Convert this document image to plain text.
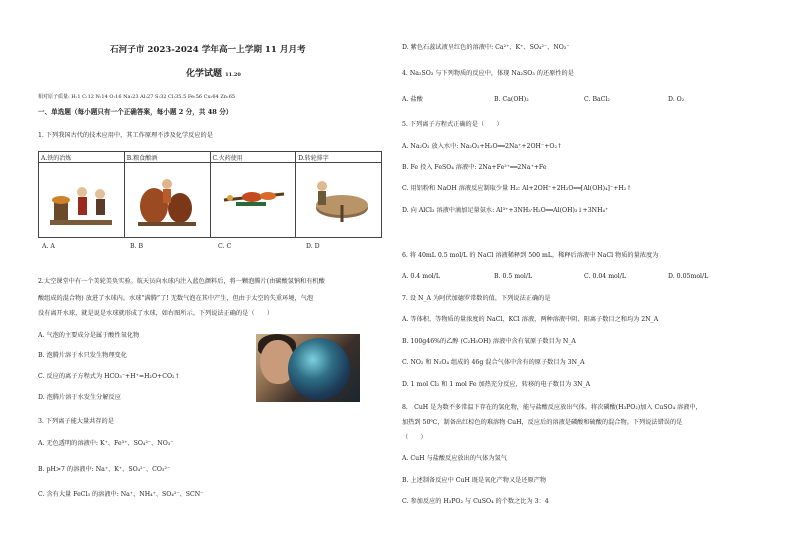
石河子市 2023-2024 学年高一上学期 11 月月考
化学试题 11.20
相对原子质量: H:1 C:12 N:14 O:16 Na:23 Al:27 S:32 Cl:35.5 Fe:56 Cu:64 Zn:65
一、单选题（每小题只有一个正确答案，每小题 2 分，共 48 分）
1. 下列我国古代的技术应用中，其工作原理不涉及化学反应的是
A.铁的冶炼	B.粮食酿酒	C.火药使用	D.转轮排字

A. A	B. B	C. C	D. D
2.太空课堂中有一个美轮美奂实验。航天员向水球内注入蓝色颜料后，将一颗泡腾片(由碳酸氢钠和有机酸
酸组成的混合物) 放进了水球内。水球“满腾”了! 无数气泡在其中产生，但由于太空的失重环境，气泡
没有离开水球，就是说是水球就形成了水球，如右图所示。下列说法正确的是（　　）
A. 气泡的主要成分是属于酸性氧化物
B. 泡腾片溶于水只发生物理变化
C. 反应的离子方程式为 HCO₃⁻+H⁺=H₂O+CO₂↑
D. 泡腾片溶于水发生分解反应
3. 下列离子能大量共存的是
A. 无色透明的溶液中: K⁺、Fe³⁺、SO₄²⁻、NO₃⁻
B. pH>7 的溶液中: Na⁺、K⁺、SO₄²⁻、CO₃²⁻
C. 含有大量 FeCl₃ 的溶液中: Na⁺、NH₄⁺、SO₄²⁻、SCN⁻
D. 紫色石蕊试液呈红色的溶液中: Ca²⁺、K⁺、SO₄²⁻、NO₃⁻
4. Na₂SO₃ 与下列物质的反应中，体现 Na₂SO₃ 的还原性的是
A. 盐酸	B. Ca(OH)₂	C. BaCl₂	D. O₂
5. 下列离子方程式正确的是（　　）
A. Na₂O₂ 放入水中: Na₂O₂+H₂O══2Na⁺+2OH⁻+O₂↑
B. Fe 投入 FeSO₄ 溶液中: 2Na+Fe²⁺══2Na⁺+Fe
C. 用铝粉和 NaOH 溶液反应制取少量 H₂: Al+2OH⁻+2H₂O══[Al(OH)₄]⁻+H₂↑
D. 向 AlCl₃ 溶液中滴加足量氨水: Al³⁺+3NH₃·H₂O══Al(OH)₃↓+3NH₄⁺
6. 将 40mL 0.5 mol/L 的 NaCl 溶液稀释到 500 mL，稀释后溶液中 NaCl 物质的量浓度为
A. 0.4 mol/L	B. 0.5 mol/L	C. 0.04 mol/L	D. 0.05mol/L
7. 设 N_A 为阿伏加德罗常数的值，下列说法正确的是
A. 等体积、等物质的量浓度的 NaCl、KCl 溶液，两种溶液中阴、阳离子数目之和均为 2N_A
B. 100g46%的乙醇 (C₂H₅OH) 溶液中含有氧原子数目为 N_A
C. NO₂ 和 N₂O₄ 组成的 46g 混合气体中含有的原子数目为 3N_A
D. 1 mol Cl₂ 和 1 mol Fe 加热充分反应，转移的电子数目为 3N_A
8.　CuH 是为数不多常温下存在的氢化物，能与盐酸反应放出气体。将次磷酸(H₃PO₂)加入 CuSO₄ 溶液中，
加热到 50℃，制备出红棕色的难溶物 CuH，反应后的溶液是磷酸和硫酸的混合物。下列说法错误的是
（　　）
A. CuH 与盐酸反应放出的气体为氢气
B. 上述制备反应中 CuH 既是氧化产物又是还原产物
C. 参加反应的 H₃PO₂ 与 CuSO₄ 的个数之比为 3：4
